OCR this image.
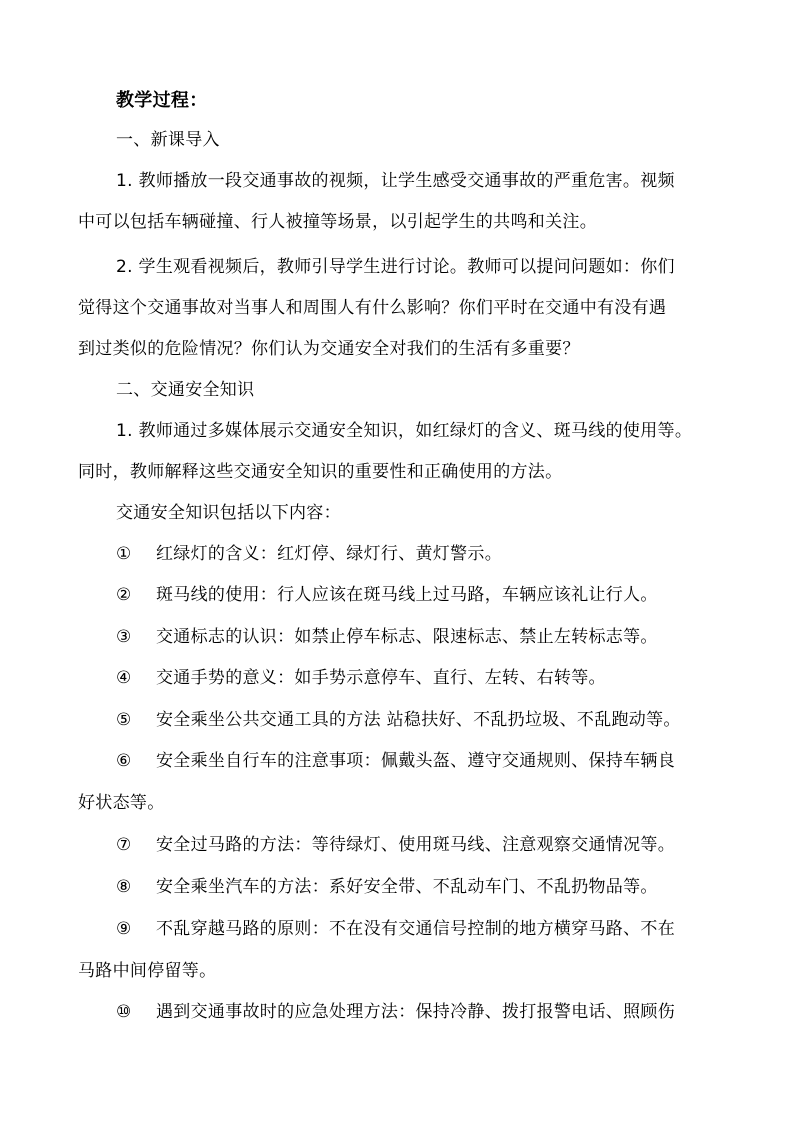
教学过程：
一、新课导入
1. 教师播放一段交通事故的视频，让学生感受交通事故的严重危害。视频
中可以包括车辆碰撞、行人被撞等场景，以引起学生的共鸣和关注。
2. 学生观看视频后，教师引导学生进行讨论。教师可以提问问题如：你们
觉得这个交通事故对当事人和周围人有什么影响？你们平时在交通中有没有遇
到过类似的危险情况？你们认为交通安全对我们的生活有多重要？
二、交通安全知识
1. 教师通过多媒体展示交通安全知识，如红绿灯的含义、斑马线的使用等。
同时，教师解释这些交通安全知识的重要性和正确使用的方法。
交通安全知识包括以下内容：
① 红绿灯的含义：红灯停、绿灯行、黄灯警示。
② 斑马线的使用：行人应该在斑马线上过马路，车辆应该礼让行人。
③ 交通标志的认识：如禁止停车标志、限速标志、禁止左转标志等。
④ 交通手势的意义：如手势示意停车、直行、左转、右转等。
⑤ 安全乘坐公共交通工具的方法 站稳扶好、不乱扔垃圾、不乱跑动等。
⑥ 安全乘坐自行车的注意事项：佩戴头盔、遵守交通规则、保持车辆良
好状态等。
⑦ 安全过马路的方法：等待绿灯、使用斑马线、注意观察交通情况等。
⑧ 安全乘坐汽车的方法：系好安全带、不乱动车门、不乱扔物品等。
⑨ 不乱穿越马路的原则：不在没有交通信号控制的地方横穿马路、不在
马路中间停留等。
⑩ 遇到交通事故时的应急处理方法：保持冷静、拨打报警电话、照顾伤
